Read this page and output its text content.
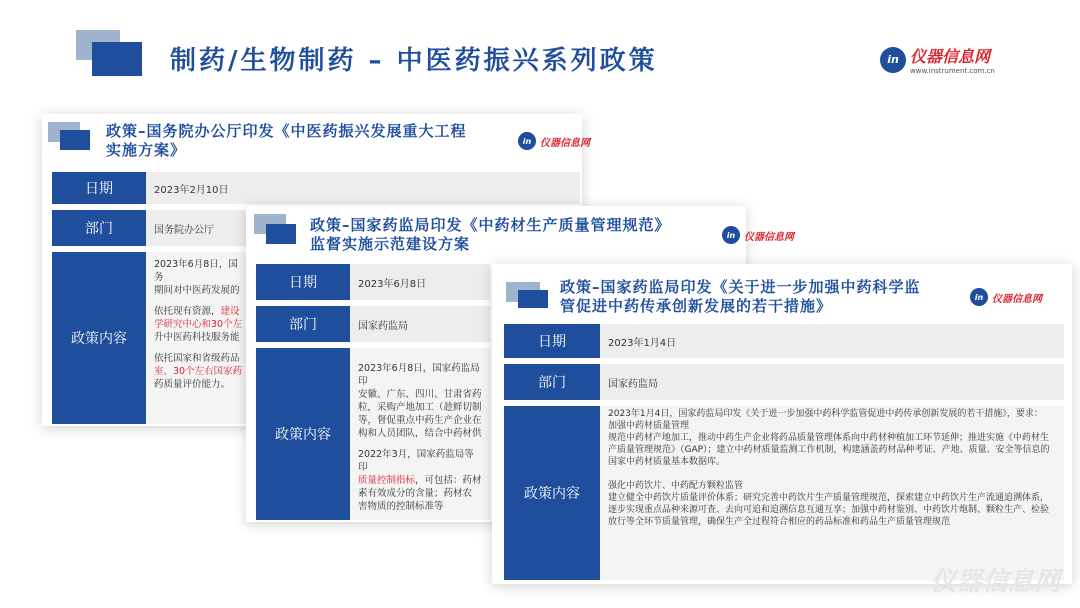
制药/生物制药 – 中医药振兴系列政策	in 仪器信息网
www.instrument.com.cn
政策–国务院办公厅印发《中医药振兴发展重大工程
实施方案》	in 仪器信息网
日期	2023年2月10日
部门	国务院办公厅
政策内容

2023年6月8日，国务
期间对中医药发展的

依托现有资源，建设
学研究中心和30个左
升中医药科技服务能

依托国家和省级药品
室、30个左右国家药
药质量评价能力。

政策–国家药监局印发《中药材生产质量管理规范》
监督实施示范建设方案	in 仪器信息网
日期	2023年6月8日
部门	国家药监局
政策内容

2023年6月8日，国家药监局印
安徽、广东、四川、甘肃省药
粒，采购产地加工（趁鲜切制
等，督促重点中药生产企业在
构和人员团队，结合中药材供

2022年3月，国家药监局等印
质量控制指标，可包括：药材
素有效成分的含量；药材农
害物质的控制标准等

政策–国家药监局印发《关于进一步加强中药科学监
管促进中药传承创新发展的若干措施》	in 仪器信息网
日期	2023年1月4日
部门	国家药监局
政策内容

2023年1月4日，国家药监局印发《关于进一步加强中药科学监管促进中药传承创新发展的若干措施》，要求：

加强中药材质量管理

规范中药材产地加工，推动中药生产企业将药品质量管理体系向中药材种植加工环节延伸；推进实施《中药材生产质量管理规范》（GAP）；建立中药材质量监测工作机制，构建涵盖药材品种考证、产地、质量、安全等信息的国家中药材质量基本数据库。

强化中药饮片、中药配方颗粒监管

建立健全中药饮片质量评价体系；研究完善中药饮片生产质量管理规范，探索建立中药饮片生产流通追溯体系，逐步实现重点品种来源可查、去向可追和追溯信息互通互享；加强中药材鉴别、中药饮片炮制、颗粒生产、检验放行等全环节质量管理，确保生产全过程符合相应的药品标准和药品生产质量管理规范

仪器信息网
